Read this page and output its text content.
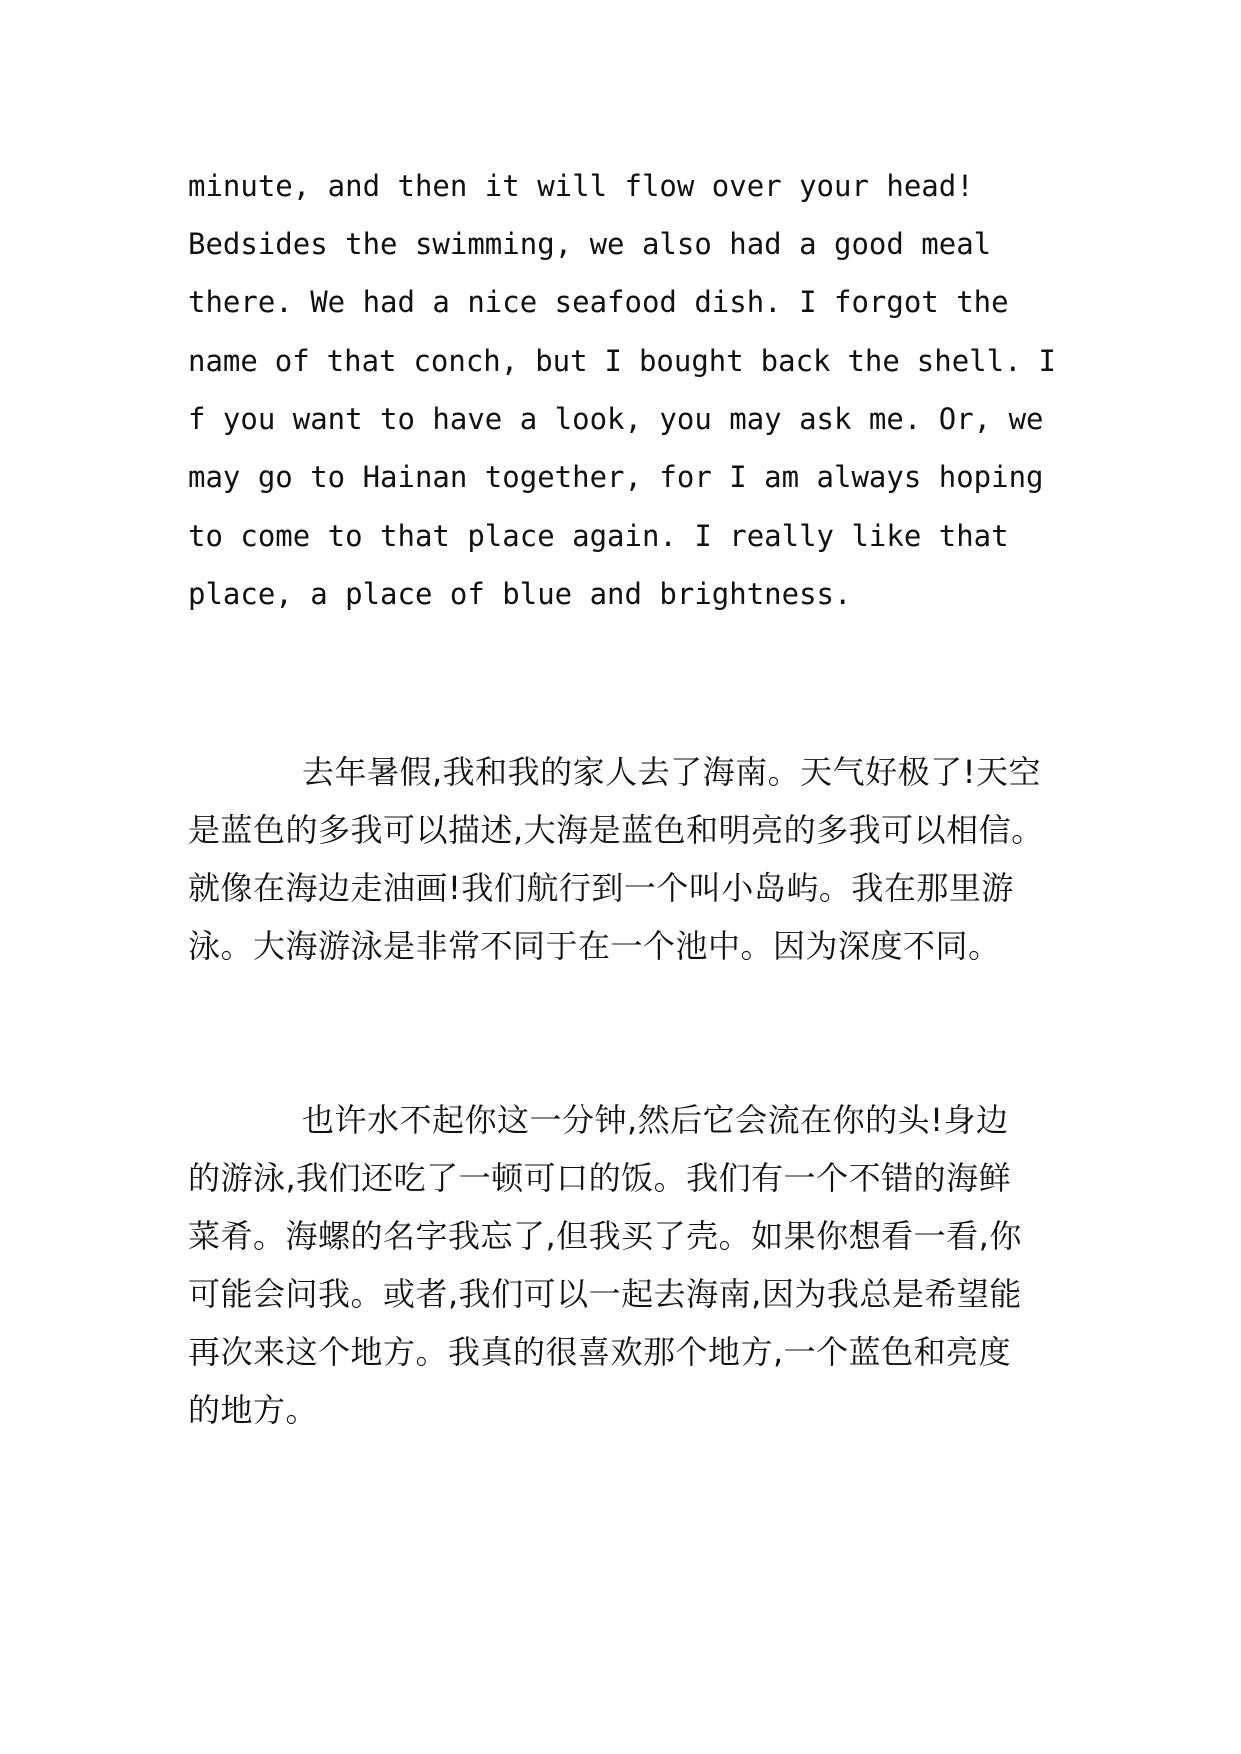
minute, and then it will flow over your head!
Bedsides the swimming, we also had a good meal
there. We had a nice seafood dish. I forgot the
name of that conch, but I bought back the shell. I
f you want to have a look, you may ask me. Or, we
may go to Hainan together, for I am always hoping
to come to that place again. I really like that
place, a place of blue and brightness.
去年暑假,我和我的家人去了海南。天气好极了!天空
是蓝色的多我可以描述,大海是蓝色和明亮的多我可以相信。
就像在海边走油画!我们航行到一个叫小岛屿。我在那里游
泳。大海游泳是非常不同于在一个池中。因为深度不同。
也许水不起你这一分钟,然后它会流在你的头!身边
的游泳,我们还吃了一顿可口的饭。我们有一个不错的海鲜
菜肴。海螺的名字我忘了,但我买了壳。如果你想看一看,你
可能会问我。或者,我们可以一起去海南,因为我总是希望能
再次来这个地方。我真的很喜欢那个地方,一个蓝色和亮度
的地方。
